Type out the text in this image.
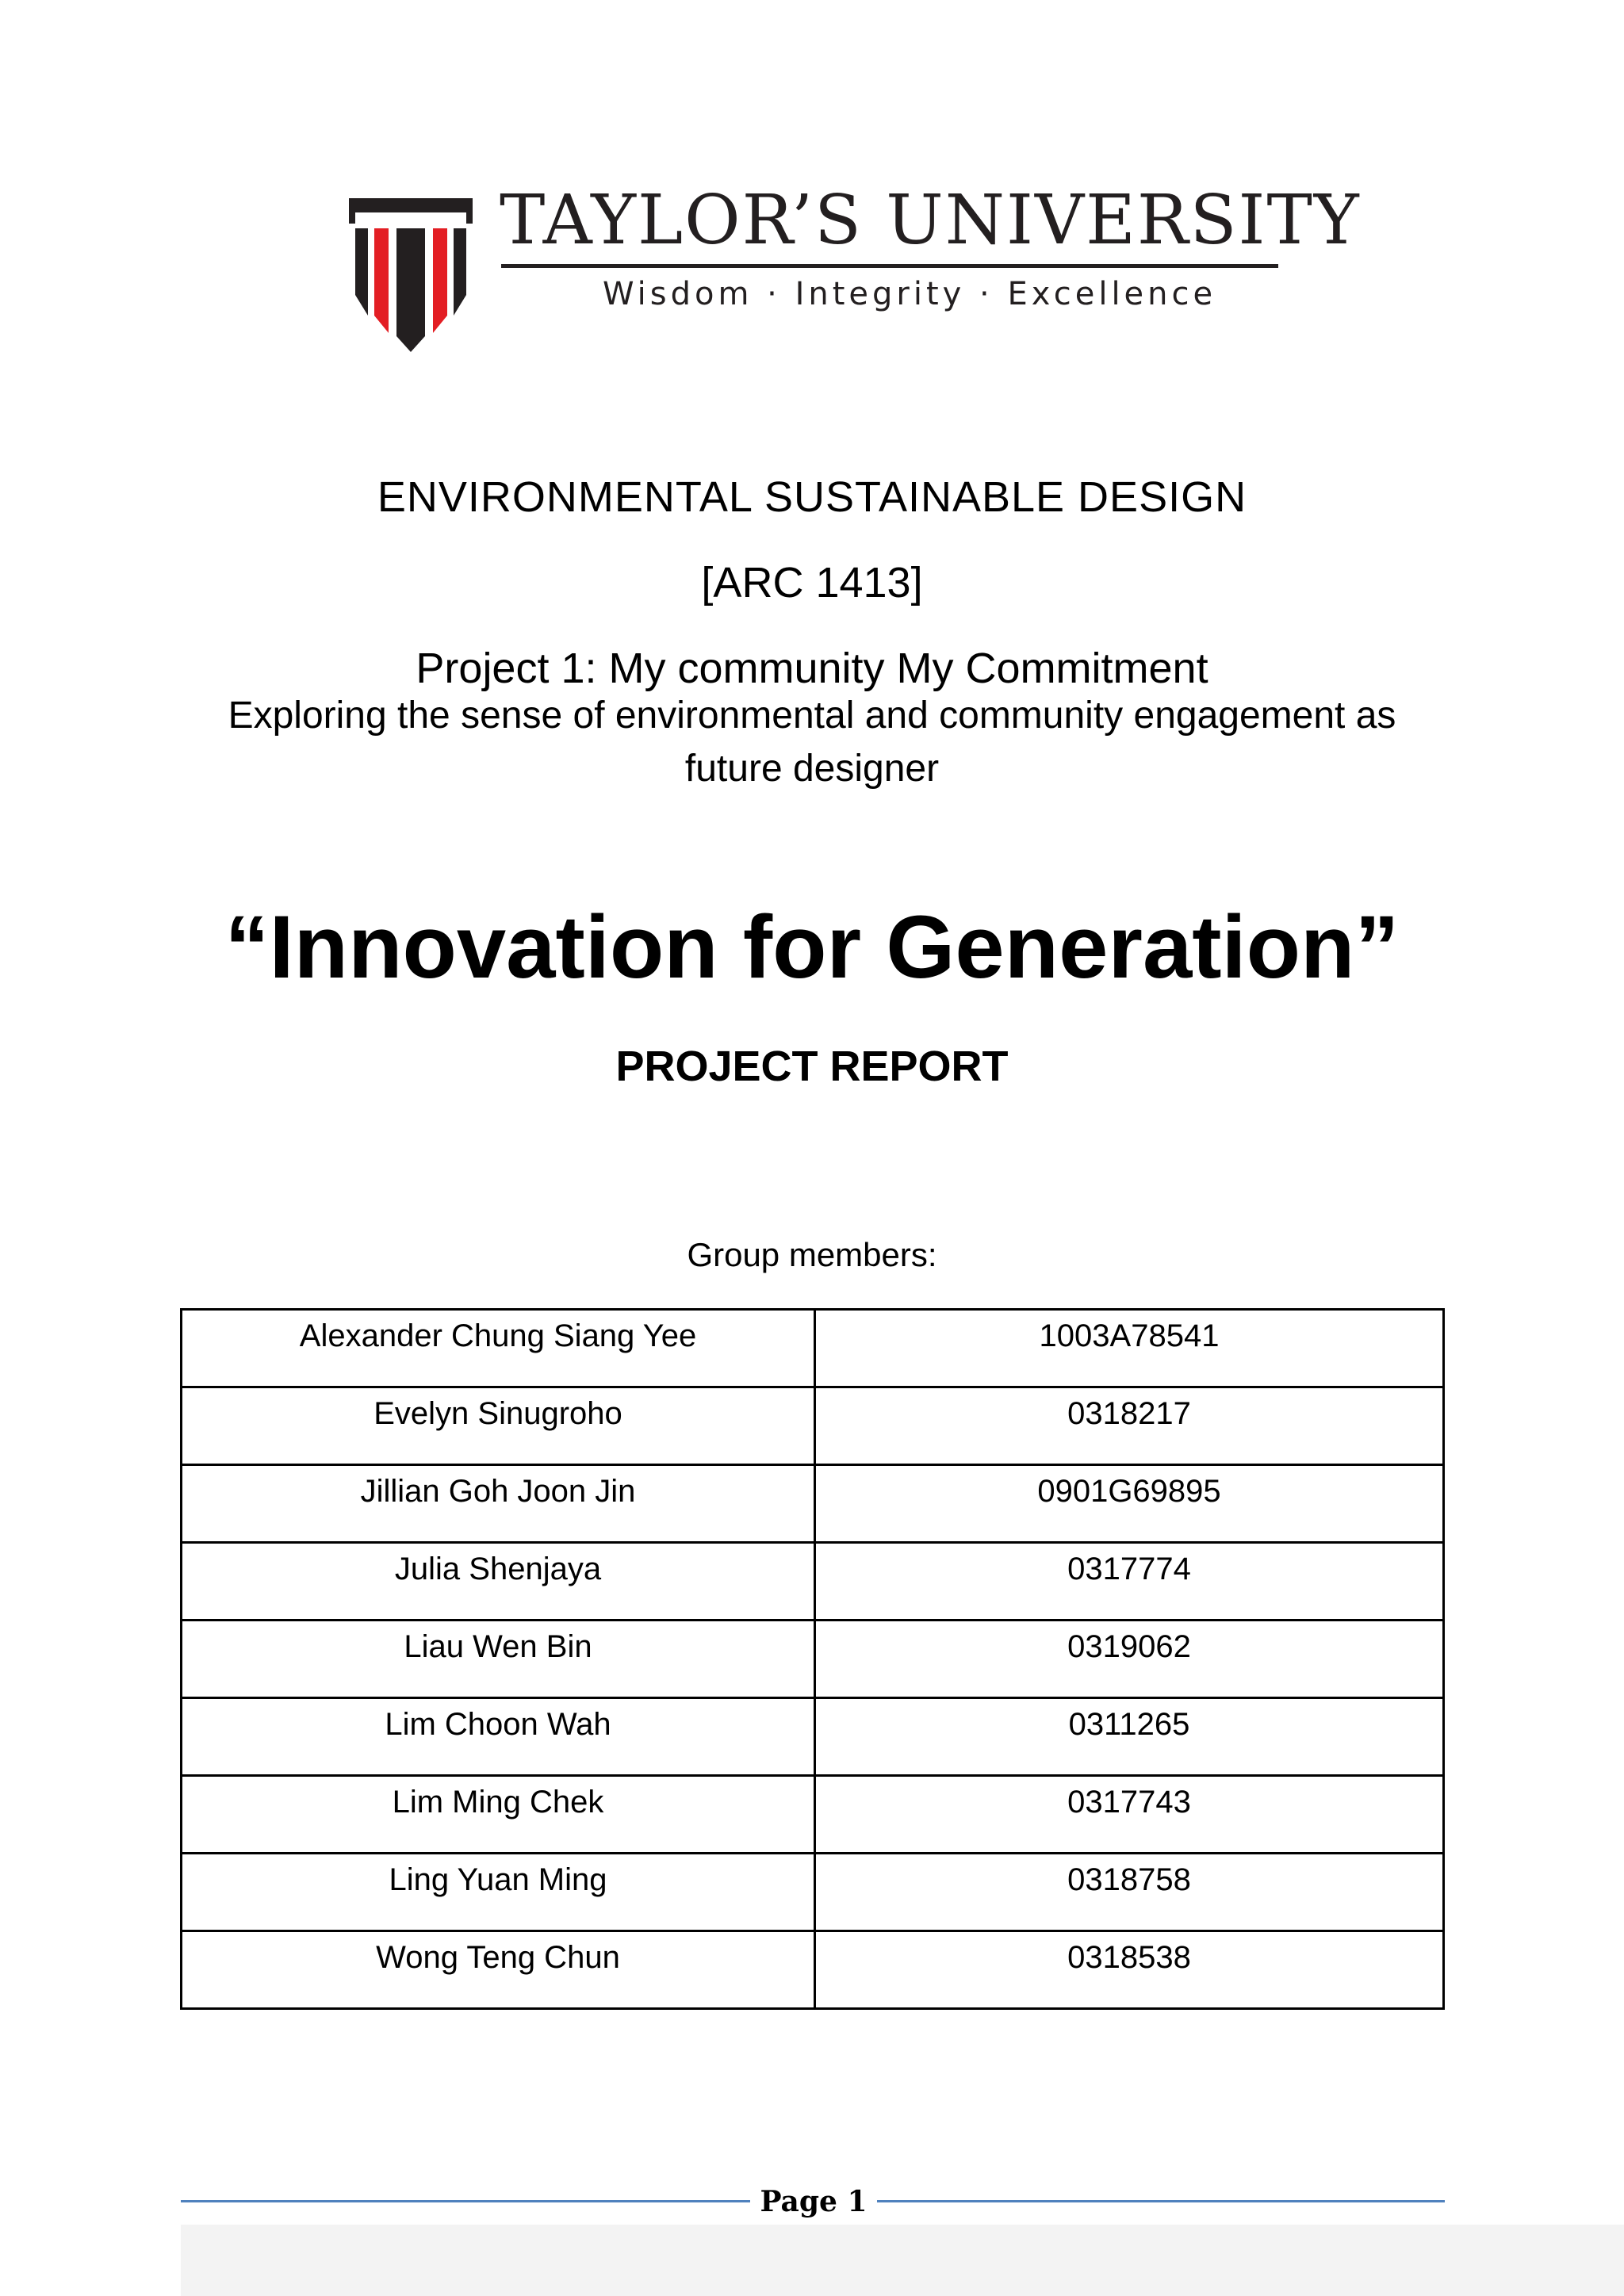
TAYLOR’S UNIVERSITY
Wisdom · Integrity · Excellence
ENVIRONMENTAL SUSTAINABLE DESIGN
[ARC 1413]
Project 1: My community My Commitment
Exploring the sense of environmental and community engagement as
future designer
“Innovation for Generation”
PROJECT REPORT
Group members:
Alexander Chung Siang Yee	1003A78541
Evelyn Sinugroho	0318217
Jillian Goh Joon Jin	0901G69895
Julia Shenjaya	0317774
Liau Wen Bin	0319062
Lim Choon Wah	0311265
Lim Ming Chek	0317743
Ling Yuan Ming	0318758
Wong Teng Chun	0318538
Page 1
